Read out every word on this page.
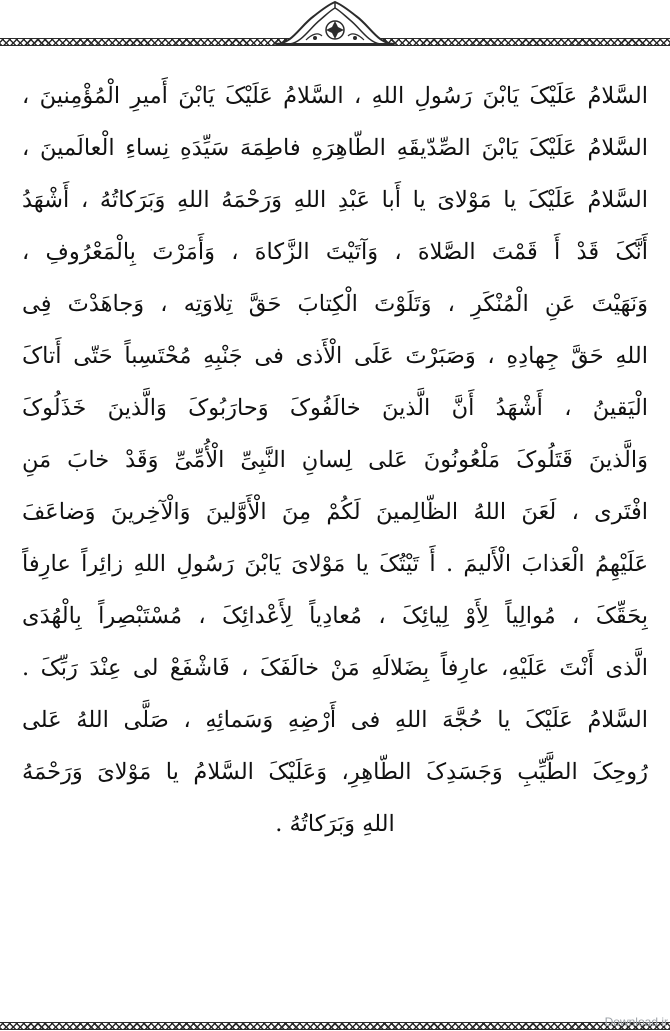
السَّلامُ عَلَیْکَ یَابْنَ رَسُولِ اللهِ ، السَّلامُ عَلَیْکَ یَابْنَ أَمیرِ الْمُؤْمِنینَ ،
السَّلامُ عَلَیْکَ یَابْنَ الصِّدّیقَهِ الطّاهِرَهِ فاطِمَهَ سَیِّدَهِ نِساءِ الْعالَمینَ ،
السَّلامُ عَلَیْکَ یا مَوْلایَ یا أَبا عَبْدِ اللهِ وَرَحْمَهُ اللهِ وَبَرَکاتُهُ ، أَشْهَدُ
أَنَّکَ قَدْ أَ قَمْتَ الصَّلاهَ ، وَآتَیْتَ الزَّکاهَ ، وَأَمَرْتَ بِالْمَعْرُوفِ ،
وَنَهَیْتَ عَنِ الْمُنْکَرِ ، وَتَلَوْتَ الْکِتابَ حَقَّ تِلاوَتِه ، وَجاهَدْتَ فِی
اللهِ حَقَّ جِهادِهِ ، وَصَبَرْتَ عَلَى الْأَذى فی جَنْبِهِ مُحْتَسِباً حَتّى أَتاکَ
الْیَقینُ ، أَشْهَدُ أَنَّ الَّذینَ خالَفُوکَ وَحارَبُوکَ وَالَّذینَ خَذَلُوکَ
وَالَّذینَ قَتَلُوکَ مَلْعُونُونَ عَلى لِسانِ النَّبِیِّ الْأُمِّیِّ وَقَدْ خابَ مَنِ
افْتَرى ، لَعَنَ اللهُ الظّالِمینَ لَکُمْ مِنَ الْأَوَّلینَ وَالْآخِرینَ وَضاعَفَ
عَلَیْهِمُ الْعَذابَ الْأَلیمَ . أَ تَیْتُکَ یا مَوْلایَ یَابْنَ رَسُولِ اللهِ زائِراً عارِفاً
بِحَقِّکَ ، مُوالِیاً لِأَوْ لِیائِکَ ، مُعادِیاً لِأَعْدائِکَ ، مُسْتَبْصِراً بِالْهُدَى
الَّذی أَنْتَ عَلَیْهِ، عارِفاً بِضَلالَهِ مَنْ خالَفَکَ ، فَاشْفَعْ لی عِنْدَ رَبِّکَ .
السَّلامُ عَلَیْکَ یا حُجَّهَ اللهِ فی أَرْضِهِ وَسَمائِهِ ، صَلَّى اللهُ عَلى
رُوحِکَ الطَّیِّبِ وَجَسَدِکَ الطّاهِرِ، وَعَلَیْکَ السَّلامُ یا مَوْلایَ وَرَحْمَهُ
اللهِ وَبَرَکاتُهُ .
Download.ir
